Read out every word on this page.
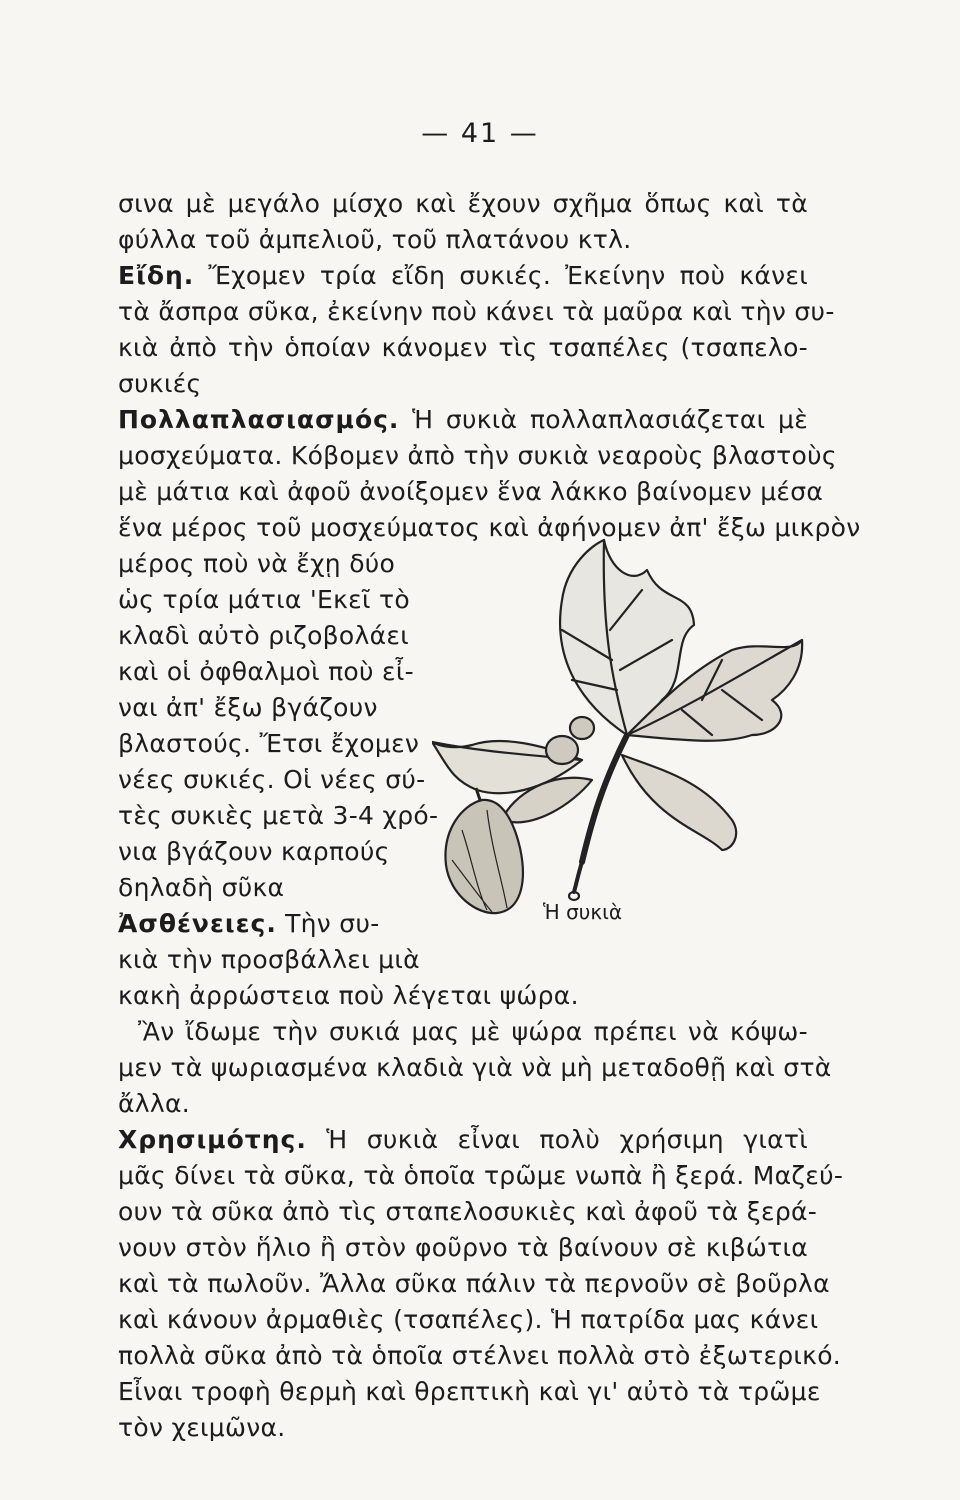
— 41 —
σινα μὲ μεγάλο μίσχο καὶ ἔχουν σχῆμα ὅπως καὶ τὰ
φύλλα τοῦ ἀμπελιοῦ, τοῦ πλατάνου κτλ.
Εἴδη. Ἔχομεν τρία εἴδη συκιές. Ἐκείνην ποὺ κάνει
τὰ ἄσπρα σῦκα, ἐκείνην ποὺ κάνει τὰ μαῦρα καὶ τὴν συ-
κιὰ ἀπὸ τὴν ὁποίαν κάνομεν τὶς τσαπέλες (τσαπελο-
συκιές
Πολλαπλασιασμός. Ἡ συκιὰ πολλαπλασιάζεται μὲ
μοσχεύματα. Κόβομεν ἀπὸ τὴν συκιὰ νεαροὺς βλαστοὺς
μὲ μάτια καὶ ἀφοῦ ἀνοίξομεν ἕνα λάκκο βαίνομεν μέσα
ἕνα μέρος τοῦ μοσχεύματος καὶ ἀφήνομεν ἀπ' ἔξω μικρὸν
μέρος ποὺ νὰ ἔχῃ δύο
ὡς τρία μάτια 'Εκεῖ τὸ
κλαδὶ αὐτὸ ριζοβολάει
καὶ οἱ ὀφθαλμοὶ ποὺ εἶ-
ναι ἀπ' ἔξω βγάζουν
βλαστούς. Ἔτσι ἔχομεν
νέες συκιές. Οἱ νέες σύ-
τὲς συκιὲς μετὰ 3-4 χρό-
νια βγάζουν καρπούς
δηλαδὴ σῦκα
Ἀσθένειες. Τὴν συ-
κιὰ τὴν προσβάλλει μιὰ
κακὴ ἀρρώστεια ποὺ λέγεται ψώρα.
Ἂν ἴδωμε τὴν συκιά μας μὲ ψώρα πρέπει νὰ κόψω-
μεν τὰ ψωριασμένα κλαδιὰ γιὰ νὰ μὴ μεταδοθῇ καὶ στὰ
ἄλλα.
Χρησιμότης. Ἡ συκιὰ εἶναι πολὺ χρήσιμη γιατὶ
μᾶς δίνει τὰ σῦκα, τὰ ὁποῖα τρῶμε νωπὰ ἢ ξερά. Μαζεύ-
ουν τὰ σῦκα ἀπὸ τὶς σταπελοσυκιὲς καὶ ἀφοῦ τὰ ξερά-
νουν στὸν ἥλιο ἢ στὸν φοῦρνο τὰ βαίνουν σὲ κιβώτια
καὶ τὰ πωλοῦν. Ἄλλα σῦκα πάλιν τὰ περνοῦν σὲ βοῦρλα
καὶ κάνουν ἀρμαθιὲς (τσαπέλες). Ἡ πατρίδα μας κάνει
πολλὰ σῦκα ἀπὸ τὰ ὁποῖα στέλνει πολλὰ στὸ ἐξωτερικό.
Εἶναι τροφὴ θερμὴ καὶ θρεπτικὴ καὶ γι' αὐτὸ τὰ τρῶμε
τὸν χειμῶνα.
Ἡ συκιὰ
